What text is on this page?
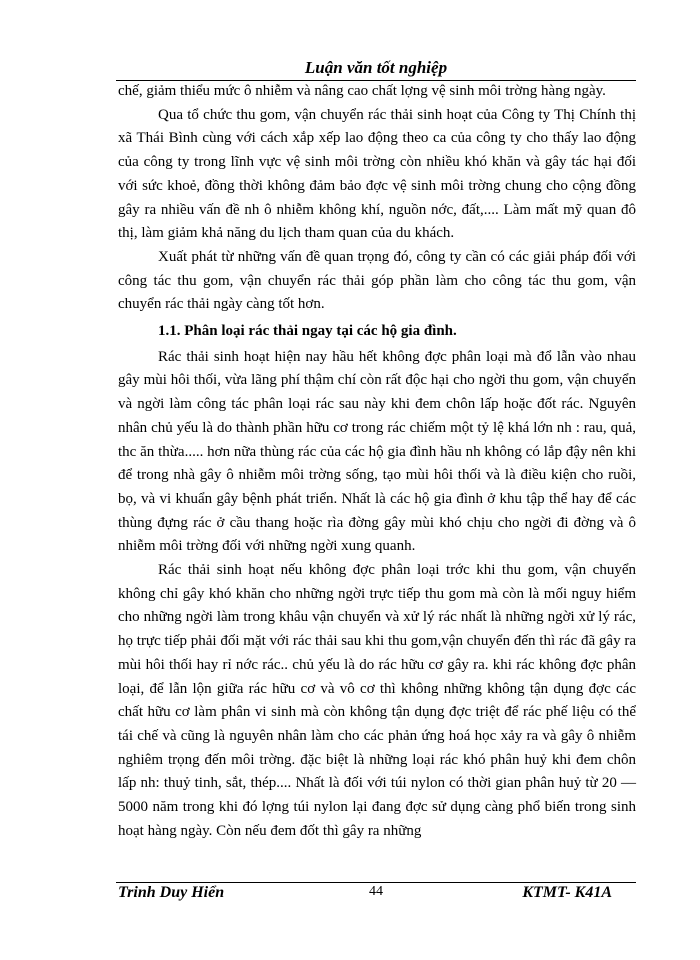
Luận văn tốt nghiệp

chế, giảm thiểu mức ô nhiễm và nâng cao chất lợng vệ sinh môi trờng hàng ngày.

Qua tổ chức thu gom, vận chuyển rác thải sinh hoạt của Công ty Thị Chính thị xã Thái Bình cùng với cách xắp xếp lao động theo ca của công ty cho thấy lao động của công ty trong lĩnh vực vệ sinh môi trờng còn nhiều khó khăn và gây tác hại đối với sức khoẻ, đồng thời không đảm bảo đợc vệ sinh môi trờng chung cho cộng đồng gây ra nhiều vấn đề nh ô nhiễm không khí, nguồn nớc, đất,.... Làm mất mỹ quan đô thị, làm giảm khả năng du lịch tham quan của du khách.

Xuất phát từ những vấn đề quan trọng đó, công ty cần có các giải pháp đối với công tác thu gom, vận chuyển rác thải góp phần làm cho công tác thu gom, vận chuyển rác thải ngày càng tốt hơn.

1.1. Phân loại rác thải ngay tại các hộ gia đình.

Rác thải sinh hoạt hiện nay hầu hết không đợc phân loại mà đổ lẫn vào nhau gây mùi hôi thối, vừa lãng phí thậm chí còn rất độc hại cho ngời thu gom, vận chuyển và ngời làm công tác phân loại rác sau này khi đem chôn lấp hoặc đốt rác. Nguyên nhân chủ yếu là do thành phần hữu cơ trong rác chiếm một tỷ lệ khá lớn nh : rau, quả, thc ăn thừa..... hơn nữa thùng rác của các hộ gia đình hầu nh không có lắp đậy nên khi để trong nhà gây ô nhiễm môi trờng sống, tạo mùi hôi thối và là điều kiện cho ruồi, bọ, và vi khuẩn gây bệnh phát triển. Nhất là các hộ gia đình ở khu tập thể hay để các thùng đựng rác ở cầu thang hoặc rìa đờng gây mùi khó chịu cho ngời đi đờng và ô nhiễm môi trờng đối với những ngời xung quanh.

Rác thải sinh hoạt nếu không đợc phân loại trớc khi thu gom, vận chuyển không chỉ gây khó khăn cho những ngời trực tiếp thu gom mà còn là mối nguy hiểm cho những ngời làm trong khâu vận chuyển và xử lý rác nhất là những ngời xử lý rác, họ trực tiếp phải đối mặt với rác thải sau khi thu gom,vận chuyển đến thì rác đã gây ra mùi hôi thối hay rỉ nớc rác.. chủ yếu là do rác hữu cơ gây ra. khi rác không đợc phân loại, để lẫn lộn giữa rác hữu cơ và vô cơ thì không những không tận dụng đợc các chất hữu cơ làm phân vi sinh mà còn không tận dụng đợc triệt để rác phế liệu có thể tái chế và cũng là nguyên nhân làm cho các phản ứng hoá học xảy ra và gây ô nhiễm nghiêm trọng đến môi trờng. đặc biệt là những loại rác khó phân huỷ khi đem chôn lấp nh: thuỷ tinh, sắt, thép.... Nhất là đối với túi nylon có thời gian phân huỷ từ 20 — 5000 năm trong khi đó lợng túi nylon lại đang đợc sử dụng càng phổ biến trong sinh hoạt hàng ngày. Còn nếu đem đốt thì gây ra những

Trinh Duy Hiển	44	KTMT- K41A
